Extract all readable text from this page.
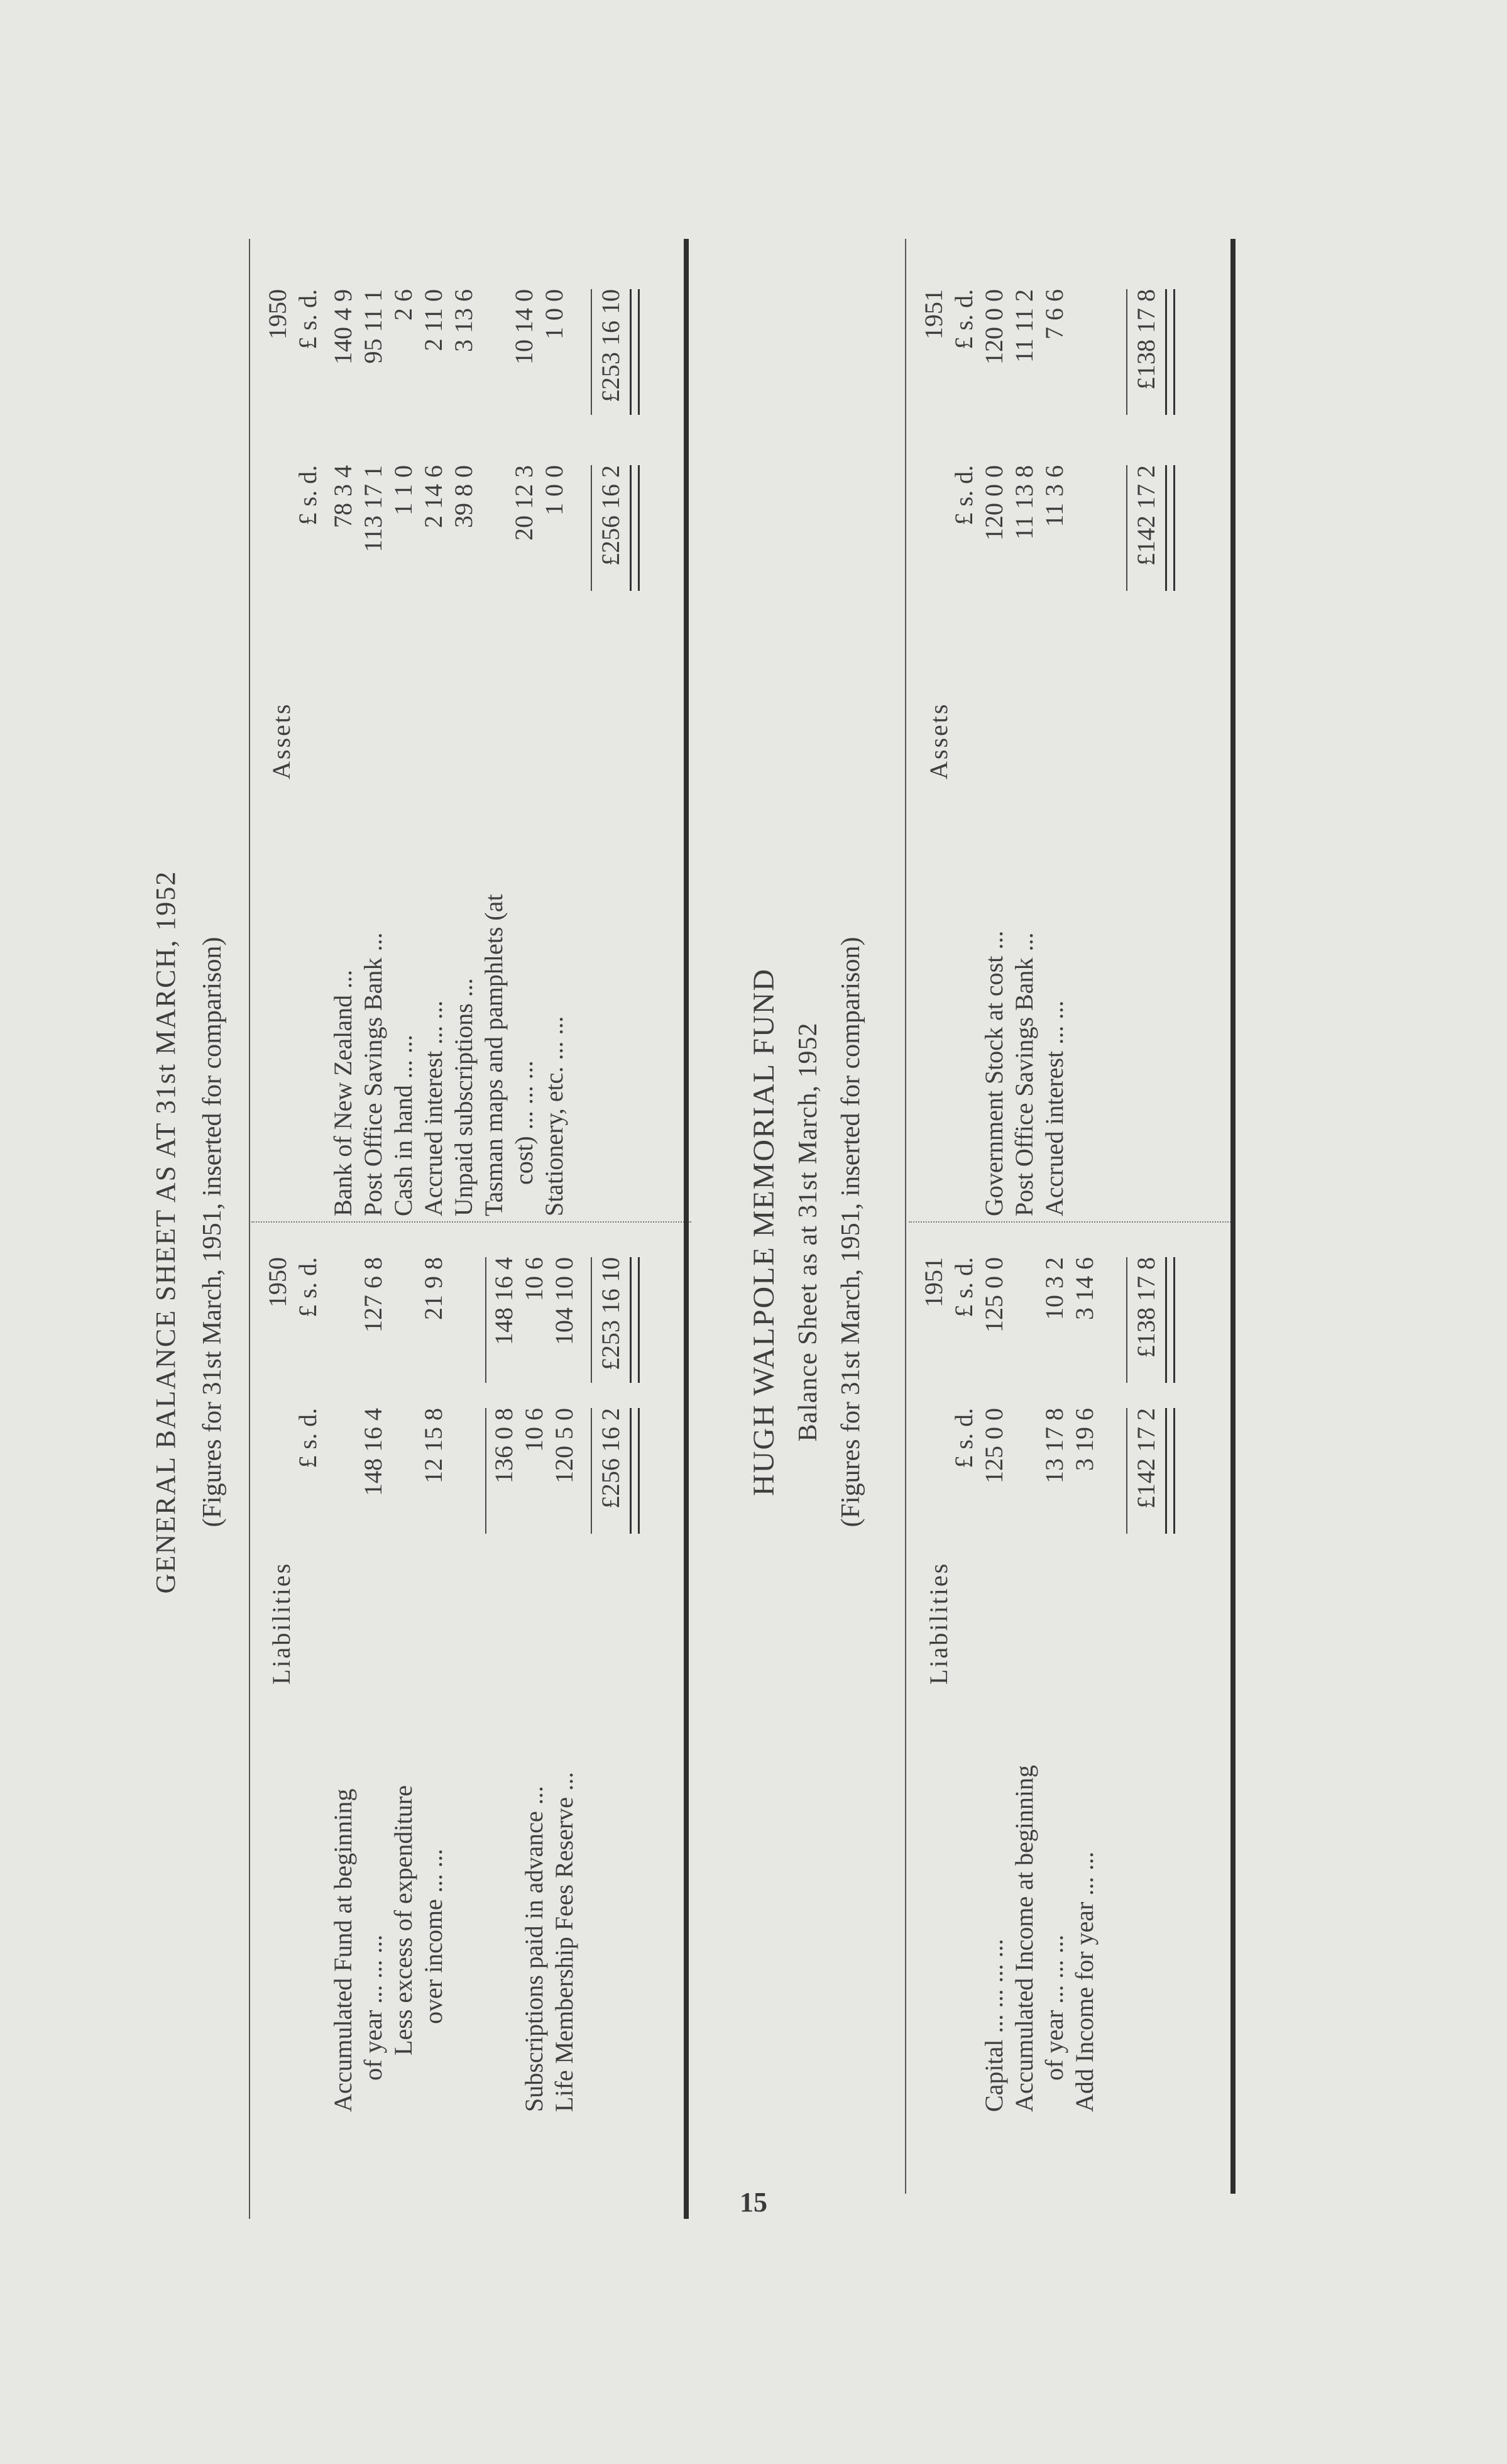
GENERAL BALANCE SHEET AS AT 31st MARCH, 1952 (Figures for 31st March, 1951, inserted for comparison)
Liabilities
£ s. d.
1950 £ s. d.
Accumulated Fund at beginning of year ... ... ...
148 16 4
127 6 8
Less excess of expenditure over income ... ...
12 15 8
21 9 8
136 0 8
148 16 4
Subscriptions paid in advance ...
10 6
10 6
Life Membership Fees Reserve ...
120 5 0
104 10 0
£256 16 2
£253 16 10
Assets
£ s. d.
1950 £ s. d.
Bank of New Zealand ...
78 3 4
140 4 9
Post Office Savings Bank ...
113 17 1
95 11 1
Cash in hand ... ...
1 1 0
2 6
Accrued interest ... ...
2 14 6
2 11 0
Unpaid subscriptions ...
39 8 0
3 13 6
Tasman maps and pamphlets (at cost) ... ... ...
20 12 3
10 14 0
Stationery, etc. ... ...
1 0 0
1 0 0
£256 16 2
£253 16 10
HUGH WALPOLE MEMORIAL FUND Balance Sheet as at 31st March, 1952 (Figures for 31st March, 1951, inserted for comparison)
Liabilities
£ s. d.
1951 £ s. d.
Capital ... ... ... ...
125 0 0
125 0 0
Accumulated Income at beginning of year ... ... ...
13 17 8
10 3 2
Add Income for year ... ...
3 19 6
3 14 6
£142 17 2
£138 17 8
Assets
£ s. d.
1951 £ s. d.
Government Stock at cost ...
120 0 0
120 0 0
Post Office Savings Bank ...
11 13 8
11 11 2
Accrued interest ... ...
11 3 6
7 6 6
£142 17 2
£138 17 8
15
